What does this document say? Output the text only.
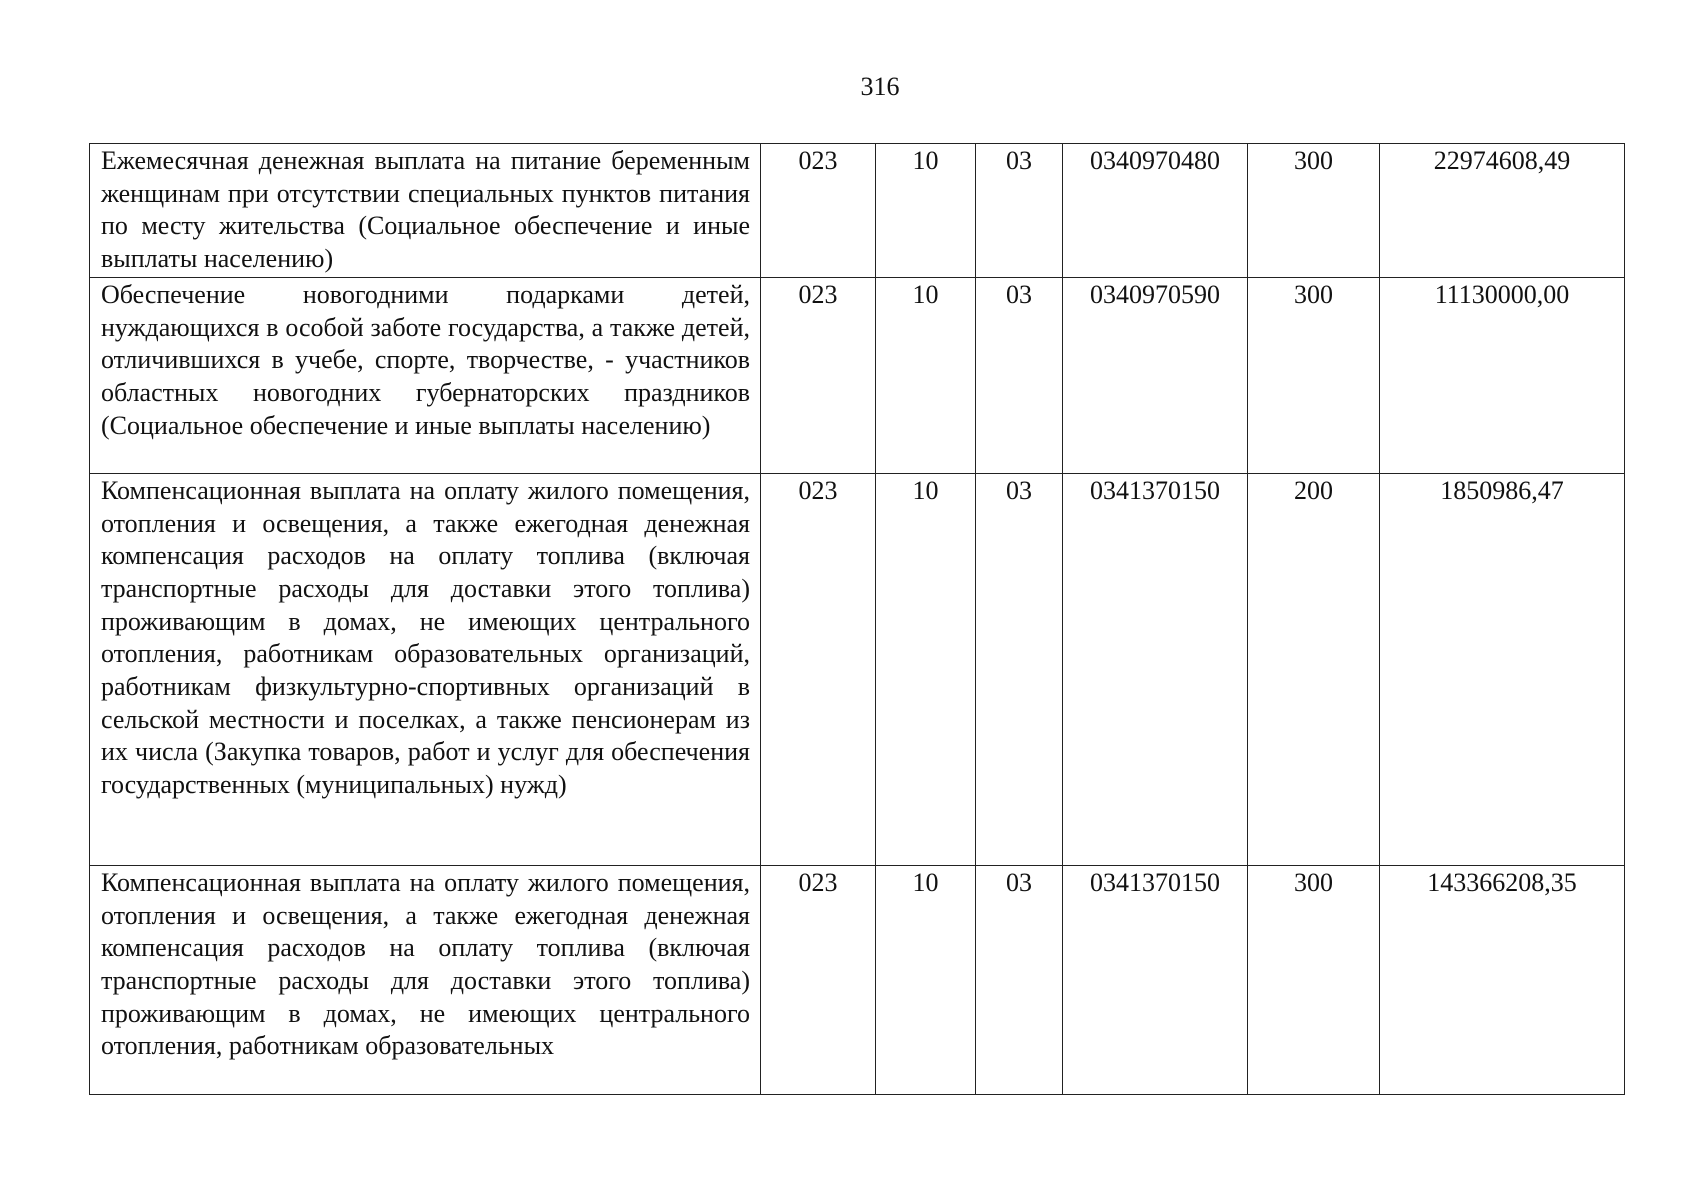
316
Ежемесячная денежная выплата на питание беременным женщинам при отсутствии специальных пунктов питания по месту жительства (Социальное обеспечение и иные выплаты населению)	023	10	03	0340970480	300	22974608,49
Обеспечение новогодними подарками детей, нуждающихся в особой заботе государства, а также детей, отличившихся в учебе, спорте, творчестве, - участников областных новогодних губернаторских праздников (Социальное обеспечение и иные выплаты населению)	023	10	03	0340970590	300	11130000,00
Компенсационная выплата на оплату жилого помещения, отопления и освещения, а также ежегодная денежная компенсация расходов на оплату топлива (включая транспортные расходы для доставки этого топлива) проживающим в домах, не имеющих центрального отопления, работникам образовательных организаций, работникам физкультурно-спортивных организаций в сельской местности и поселках, а также пенсионерам из их числа (Закупка товаров, работ и услуг для обеспечения государственных (муниципальных) нужд)	023	10	03	0341370150	200	1850986,47
Компенсационная выплата на оплату жилого помещения, отопления и освещения, а также ежегодная денежная компенсация расходов на оплату топлива (включая транспортные расходы для доставки этого топлива) проживающим в домах, не имеющих центрального отопления, работникам образовательных	023	10	03	0341370150	300	143366208,35
